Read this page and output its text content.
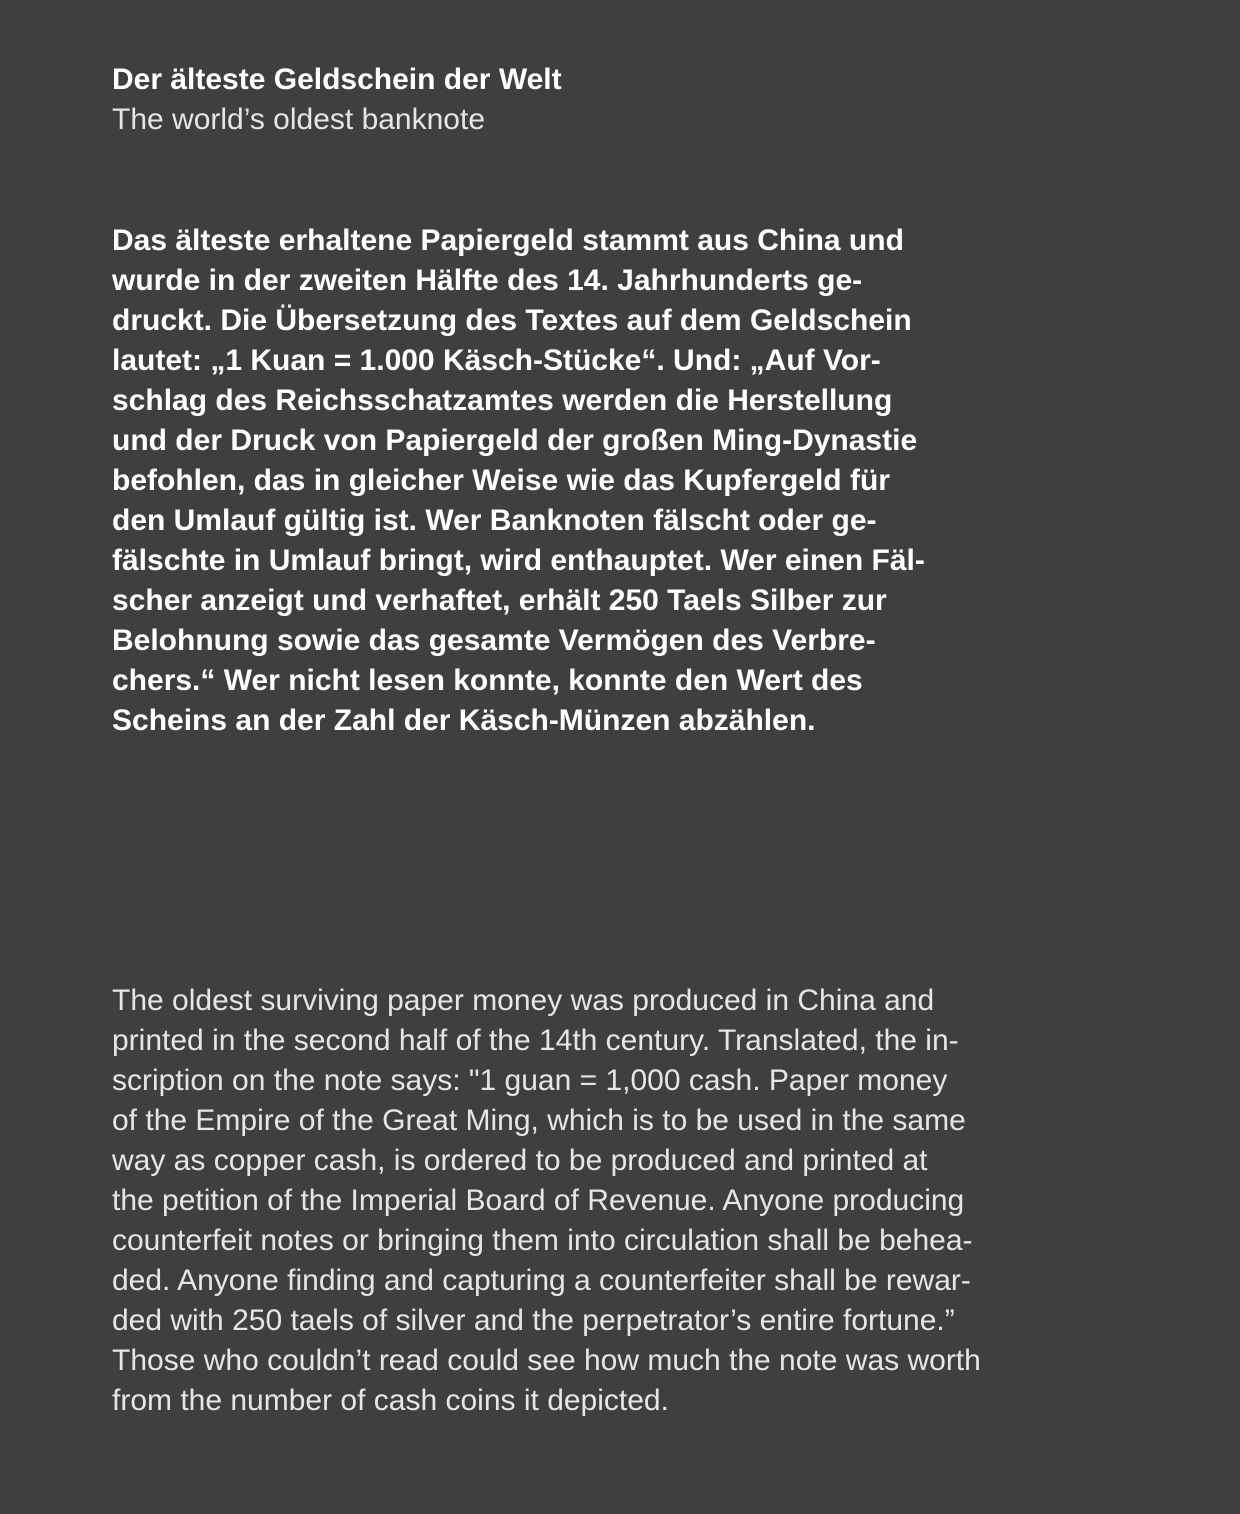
Der älteste Geldschein der Welt
The world’s oldest banknote

Das älteste erhaltene Papiergeld stammt aus China und
wurde in der zweiten Hälfte des 14. Jahrhunderts ge-
druckt. Die Übersetzung des Textes auf dem Geldschein
lautet: „1 Kuan = 1.000 Käsch-Stücke“. Und: „Auf Vor-
schlag des Reichsschatzamtes werden die Herstellung
und der Druck von Papiergeld der großen Ming-Dynastie
befohlen, das in gleicher Weise wie das Kupfergeld für
den Umlauf gültig ist. Wer Banknoten fälscht oder ge-
fälschte in Umlauf bringt, wird enthauptet. Wer einen Fäl-
scher anzeigt und verhaftet, erhält 250 Taels Silber zur
Belohnung sowie das gesamte Vermögen des Verbre-
chers.“ Wer nicht lesen konnte, konnte den Wert des
Scheins an der Zahl der Käsch-Münzen abzählen.

The oldest surviving paper money was produced in China and
printed in the second half of the 14th century. Translated, the in-
scription on the note says: "1 guan = 1,000 cash. Paper money
of the Empire of the Great Ming, which is to be used in the same
way as copper cash, is ordered to be produced and printed at
the petition of the Imperial Board of Revenue. Anyone producing
counterfeit notes or bringing them into circulation shall be behea-
ded. Anyone finding and capturing a counterfeiter shall be rewar-
ded with 250 taels of silver and the perpetrator’s entire fortune.”
Those who couldn’t read could see how much the note was worth
from the number of cash coins it depicted.
